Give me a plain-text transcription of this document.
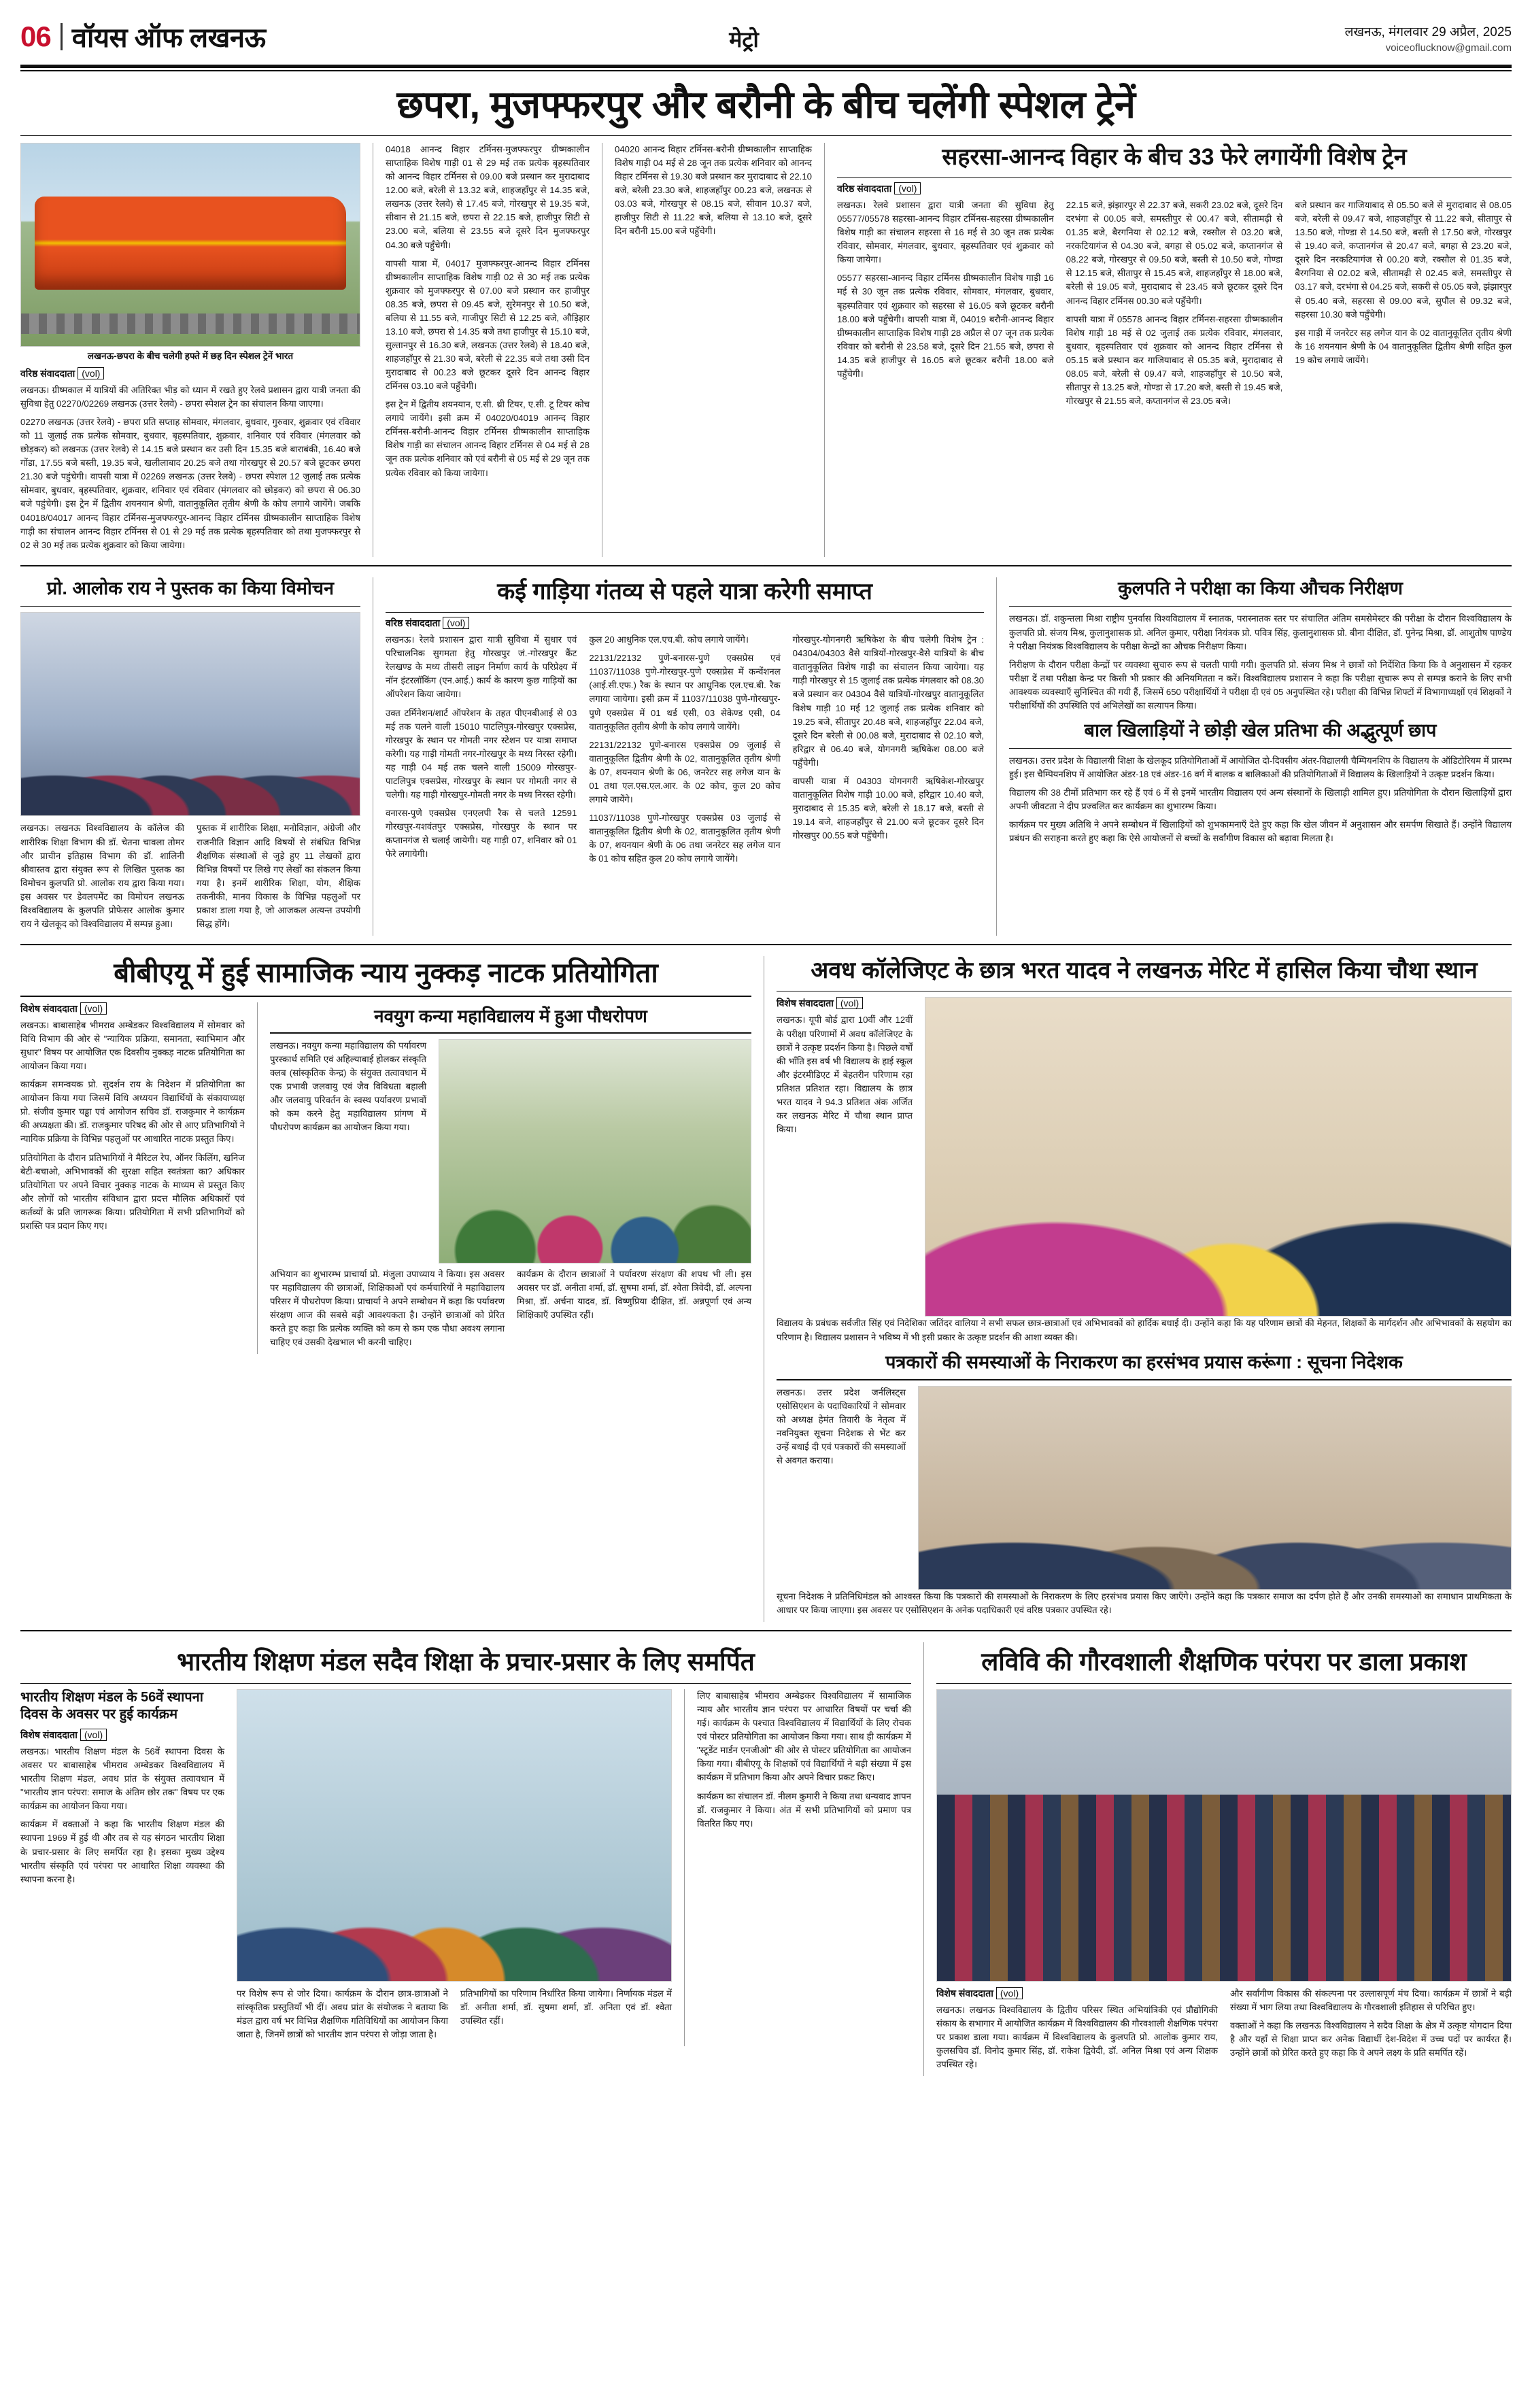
06 वॉयस ऑफ लखनऊ	मेट्रो	लखनऊ, मंगलवार 29 अप्रैल, 2025
voiceoflucknow@gmail.com
छपरा, मुजफ्फरपुर और बरौनी के बीच चलेंगी स्पेशल ट्रेनें
लखनऊ-छपरा के बीच चलेगी हफ्ते में छह दिन स्पेशल ट्रेनें भारत
वरिष्ठ संवाददाता (vol)

लखनऊ। ग्रीष्मकाल में यात्रियों की अतिरिक्त भीड़ को ध्यान में रखते हुए रेलवे प्रशासन द्वारा यात्री जनता की सुविधा हेतु 02270/02269 लखनऊ (उत्तर रेलवे) - छपरा स्पेशल ट्रेन का संचालन किया जाएगा।

02270 लखनऊ (उत्तर रेलवे) - छपरा प्रति सप्ताह सोमवार, मंगलवार, बुधवार, गुरुवार, शुक्रवार एवं रविवार को 11 जुलाई तक प्रत्येक सोमवार, बुधवार, बृहस्पतिवार, शुक्रवार, शनिवार एवं रविवार (मंगलवार को छोड़कर) को लखनऊ (उत्तर रेलवे) से 14.15 बजे प्रस्थान कर उसी दिन 15.35 बजे बाराबंकी, 16.40 बजे गोंडा, 17.55 बजे बस्ती, 19.35 बजे, खलीलाबाद 20.25 बजे तथा गोरखपुर से 20.57 बजे छूटकर छपरा 21.30 बजे पहुंचेगी। वापसी यात्रा में 02269 लखनऊ (उत्तर रेलवे) - छपरा स्पेशल 12 जुलाई तक प्रत्येक सोमवार, बुधवार, बृहस्पतिवार, शुक्रवार, शनिवार एवं रविवार (मंगलवार को छोड़कर) को छपरा से 06.30 बजे पहुंचेगी। इस ट्रेन में द्वितीय शयनयान श्रेणी, वातानुकूलित तृतीय श्रेणी के कोच लगाये जायेंगे। जबकि 04018/04017 आनन्द विहार टर्मिनस-मुजफ्फरपुर-आनन्द विहार टर्मिनस ग्रीष्मकालीन साप्ताहिक विशेष गाड़ी का संचालन आनन्द विहार टर्मिनस से 01 से 29 मई तक प्रत्येक बृहस्पतिवार को तथा मुजफ्फरपुर से 02 से 30 मई तक प्रत्येक शुक्रवार को किया जायेगा।

04018 आनन्द विहार टर्मिनस-मुजफ्फरपुर ग्रीष्मकालीन साप्ताहिक विशेष गाड़ी 01 से 29 मई तक प्रत्येक बृहस्पतिवार को आनन्द विहार टर्मिनस से 09.00 बजे प्रस्थान कर मुरादाबाद 12.00 बजे, बरेली से 13.32 बजे, शाहजहाँपुर से 14.35 बजे, लखनऊ (उत्तर रेलवे) से 17.45 बजे, गोरखपुर से 19.35 बजे, सीवान से 21.15 बजे, छपरा से 22.15 बजे, हाजीपुर सिटी से 23.00 बजे, बलिया से 23.55 बजे दूसरे दिन मुजफ्फरपुर 04.30 बजे पहुँचेगी।

वापसी यात्रा में, 04017 मुजफ्फरपुर-आनन्द विहार टर्मिनस ग्रीष्मकालीन साप्ताहिक विशेष गाड़ी 02 से 30 मई तक प्रत्येक शुक्रवार को मुजफ्फरपुर से 07.00 बजे प्रस्थान कर हाजीपुर 08.35 बजे, छपरा से 09.45 बजे, सुरेमनपुर से 10.50 बजे, बलिया से 11.55 बजे, गाजीपुर सिटी से 12.25 बजे, औड़िहार 13.10 बजे, छपरा से 14.35 बजे तथा हाजीपुर से 15.10 बजे, सुल्तानपुर से 16.30 बजे, लखनऊ (उत्तर रेलवे) से 18.40 बजे, शाहजहाँपुर से 21.30 बजे, बरेली से 22.35 बजे तथा उसी दिन मुरादाबाद से 00.23 बजे छूटकर दूसरे दिन आनन्द विहार टर्मिनस 03.10 बजे पहुँचेगी।

इस ट्रेन में द्वितीय शयनयान, ए.सी. थ्री टियर, ए.सी. टू टियर कोच लगाये जायेंगे। इसी क्रम में 04020/04019 आनन्द विहार टर्मिनस-बरौनी-आनन्द विहार टर्मिनस ग्रीष्मकालीन साप्ताहिक विशेष गाड़ी का संचालन आनन्द विहार टर्मिनस से 04 मई से 28 जून तक प्रत्येक शनिवार को एवं बरौनी से 05 मई से 29 जून तक प्रत्येक रविवार को किया जायेगा।

04020 आनन्द विहार टर्मिनस-बरौनी ग्रीष्मकालीन साप्ताहिक विशेष गाड़ी 04 मई से 28 जून तक प्रत्येक शनिवार को आनन्द विहार टर्मिनस से 19.30 बजे प्रस्थान कर मुरादाबाद से 22.10 बजे, बरेली 23.30 बजे, शाहजहाँपुर 00.23 बजे, लखनऊ से 03.03 बजे, गोरखपुर से 08.15 बजे, सीवान 10.37 बजे, हाजीपुर सिटी से 11.22 बजे, बलिया से 13.10 बजे, दूसरे दिन बरौनी 15.00 बजे पहुँचेगी।

सहरसा-आनन्द विहार के बीच 33 फेरे लगायेंगी विशेष ट्रेन
वरिष्ठ संवाददाता (vol)

लखनऊ। रेलवे प्रशासन द्वारा यात्री जनता की सुविधा हेतु 05577/05578 सहरसा-आनन्द विहार टर्मिनस-सहरसा ग्रीष्मकालीन विशेष गाड़ी का संचालन सहरसा से 16 मई से 30 जून तक प्रत्येक रविवार, सोमवार, मंगलवार, बुधवार, बृहस्पतिवार एवं शुक्रवार को किया जायेगा।

05577 सहरसा-आनन्द विहार टर्मिनस ग्रीष्मकालीन विशेष गाड़ी 16 मई से 30 जून तक प्रत्येक रविवार, सोमवार, मंगलवार, बुधवार, बृहस्पतिवार एवं शुक्रवार को सहरसा से 16.05 बजे छूटकर बरौनी 18.00 बजे पहुँचेगी। वापसी यात्रा में, 04019 बरौनी-आनन्द विहार ग्रीष्मकालीन साप्ताहिक विशेष गाड़ी 28 अप्रैल से 07 जून तक प्रत्येक रविवार को बरौनी से 23.58 बजे, दूसरे दिन 21.55 बजे, छपरा से 14.35 बजे हाजीपुर से 16.05 बजे छूटकर बरौनी 18.00 बजे पहुँचेगी।

22.15 बजे, झंझारपुर से 22.37 बजे, सकरी 23.02 बजे, दूसरे दिन दरभंगा से 00.05 बजे, समस्तीपुर से 00.47 बजे, सीतामढ़ी से 01.35 बजे, बैरगनिया से 02.12 बजे, रक्सौल से 03.20 बजे, नरकटियागंज से 04.30 बजे, बगहा से 05.02 बजे, कप्तानगंज से 08.22 बजे, गोरखपुर से 09.50 बजे, बस्ती से 10.50 बजे, गोण्डा से 12.15 बजे, सीतापुर से 15.45 बजे, शाहजहाँपुर से 18.00 बजे, बरेली से 19.05 बजे, मुरादाबाद से 23.45 बजे छूटकर दूसरे दिन आनन्द विहार टर्मिनस 00.30 बजे पहुँचेगी।

वापसी यात्रा में 05578 आनन्द विहार टर्मिनस-सहरसा ग्रीष्मकालीन विशेष गाड़ी 18 मई से 02 जुलाई तक प्रत्येक रविवार, मंगलवार, बुधवार, बृहस्पतिवार एवं शुक्रवार को आनन्द विहार टर्मिनस से 05.15 बजे प्रस्थान कर गाजियाबाद से 05.35 बजे, मुरादाबाद से 08.05 बजे, बरेली से 09.47 बजे, शाहजहाँपुर से 10.50 बजे, सीतापुर से 13.25 बजे, गोण्डा से 17.20 बजे, बस्ती से 19.45 बजे, गोरखपुर से 21.55 बजे, कप्तानगंज से 23.05 बजे।

बजे प्रस्थान कर गाजियाबाद से 05.50 बजे से मुरादाबाद से 08.05 बजे, बरेली से 09.47 बजे, शाहजहाँपुर से 11.22 बजे, सीतापुर से 13.50 बजे, गोण्डा से 14.50 बजे, बस्ती से 17.50 बजे, गोरखपुर से 19.40 बजे, कप्तानगंज से 20.47 बजे, बगहा से 23.20 बजे, दूसरे दिन नरकटियागंज से 00.20 बजे, रक्सौल से 01.35 बजे, बैरगनिया से 02.02 बजे, सीतामढ़ी से 02.45 बजे, समस्तीपुर से 03.17 बजे, दरभंगा से 04.25 बजे, सकरी से 05.05 बजे, झंझारपुर से 05.40 बजे, सहरसा से 09.00 बजे, सुपौल से 09.32 बजे, सहरसा 10.30 बजे पहुँचेगी।

इस गाड़ी में जनरेटर सह लगेज यान के 02 वातानुकूलित तृतीय श्रेणी के 16 शयनयान श्रेणी के 04 वातानुकूलित द्वितीय श्रेणी सहित कुल 19 कोच लगाये जायेंगे।

प्रो. आलोक राय ने पुस्तक का किया विमोचन

लखनऊ। लखनऊ विश्वविद्यालय के कॉलेज की शारीरिक शिक्षा विभाग की डॉ. चेतना चावला तोमर और प्राचीन इतिहास विभाग की डॉ. शालिनी श्रीवास्तव द्वारा संयुक्त रूप से लिखित पुस्तक का विमोचन कुलपति प्रो. आलोक राय द्वारा किया गया। इस अवसर पर डेवलपमेंट का विमोचन लखनऊ विश्वविद्यालय के कुलपति प्रोफेसर आलोक कुमार राय ने खेलकूद को विश्वविद्यालय में सम्पन्न हुआ।

पुस्तक में शारीरिक शिक्षा, मनोविज्ञान, अंग्रेजी और राजनीति विज्ञान आदि विषयों से संबंधित विभिन्न शैक्षणिक संस्थाओं से जुड़े हुए 11 लेखकों द्वारा विभिन्न विषयों पर लिखे गए लेखों का संकलन किया गया है। इनमें शारीरिक शिक्षा, योग, शैक्षिक तकनीकी, मानव विकास के विभिन्न पहलुओं पर प्रकाश डाला गया है, जो आजकल अत्यन्त उपयोगी सिद्ध होंगे।

कई गाड़िया गंतव्य से पहले यात्रा करेगी समाप्त
वरिष्ठ संवाददाता (vol)

लखनऊ। रेलवे प्रशासन द्वारा यात्री सुविधा में सुधार एवं परिचालनिक सुगमता हेतु गोरखपुर जं.-गोरखपुर कैंट रेलखण्ड के मध्य तीसरी लाइन निर्माण कार्य के परिप्रेक्ष्य में नॉन इंटरलॉकिंग (एन.आई.) कार्य के कारण कुछ गाड़ियों का ऑपरेशन किया जायेगा।

उक्त टर्मिनेशन/शार्ट ऑपरेशन के तहत पीएनबीआई से 03 मई तक चलने वाली 15010 पाटलिपुत्र-गोरखपुर एक्सप्रेस, गोरखपुर के स्थान पर गोमती नगर स्टेशन पर यात्रा समाप्त करेगी। यह गाड़ी गोमती नगर-गोरखपुर के मध्य निरस्त रहेगी। यह गाड़ी 04 मई तक चलने वाली 15009 गोरखपुर-पाटलिपुत्र एक्सप्रेस, गोरखपुर के स्थान पर गोमती नगर से चलेगी। यह गाड़ी गोरखपुर-गोमती नगर के मध्य निरस्त रहेगी।

वनारस-पुणे एक्सप्रेस एनएलपी रैक से चलते 12591 गोरखपुर-यशवंतपुर एक्सप्रेस, गोरखपुर के स्थान पर कप्तानगंज से चलाई जायेगी। यह गाड़ी 07, शनिवार को 01 फेरे लगायेगी।

कुल 20 आधुनिक एल.एच.बी. कोच लगाये जायेंगे।

22131/22132 पुणे-बनारस-पुणे एक्सप्रेस एवं 11037/11038 पुणे-गोरखपुर-पुणे एक्सप्रेस में कन्वेंशनल (आई.सी.एफ.) रैक के स्थान पर आधुनिक एल.एच.बी. रैक लगाया जायेगा। इसी क्रम में 11037/11038 पुणे-गोरखपुर-पुणे एक्सप्रेस में 01 थर्ड एसी, 03 सेकेण्ड एसी, 04 वातानुकूलित तृतीय श्रेणी के कोच लगाये जायेंगे।

22131/22132 पुणे-बनारस एक्सप्रेस 09 जुलाई से वातानुकूलित द्वितीय श्रेणी के 02, वातानुकूलित तृतीय श्रेणी के 07, शयनयान श्रेणी के 06, जनरेटर सह लगेज यान के 01 तथा एल.एस.एल.आर. के 02 कोच, कुल 20 कोच लगाये जायेंगे।

11037/11038 पुणे-गोरखपुर एक्सप्रेस 03 जुलाई से वातानुकूलित द्वितीय श्रेणी के 02, वातानुकूलित तृतीय श्रेणी के 07, शयनयान श्रेणी के 06 तथा जनरेटर सह लगेज यान के 01 कोच सहित कुल 20 कोच लगाये जायेंगे।

गोरखपुर-योगनगरी ऋषिकेश के बीच चलेगी विशेष ट्रेन : 04304/04303 वैसे यात्रियों-गोरखपुर-वैसे यात्रियों के बीच वातानुकूलित विशेष गाड़ी का संचालन किया जायेगा। यह गाड़ी गोरखपुर से 15 जुलाई तक प्रत्येक मंगलवार को 08.30 बजे प्रस्थान कर 04304 वैसे यात्रियों-गोरखपुर वातानुकूलित विशेष गाड़ी 10 मई 12 जुलाई तक प्रत्येक शनिवार को 19.25 बजे, सीतापुर 20.48 बजे, शाहजहाँपुर 22.04 बजे, दूसरे दिन बरेली से 00.08 बजे, मुरादाबाद से 02.10 बजे, हरिद्वार से 06.40 बजे, योगनगरी ऋषिकेश 08.00 बजे पहुँचेगी।

वापसी यात्रा में 04303 योगनगरी ऋषिकेश-गोरखपुर वातानुकूलित विशेष गाड़ी 10.00 बजे, हरिद्वार 10.40 बजे, मुरादाबाद से 15.35 बजे, बरेली से 18.17 बजे, बस्ती से 19.14 बजे, शाहजहाँपुर से 21.00 बजे छूटकर दूसरे दिन गोरखपुर 00.55 बजे पहुँचेगी।

कुलपति ने परीक्षा का किया औचक निरीक्षण

लखनऊ। डॉ. शकुन्तला मिश्रा राष्ट्रीय पुनर्वास विश्वविद्यालय में स्नातक, परास्नातक स्तर पर संचालित अंतिम समसेमेस्टर की परीक्षा के दौरान विश्वविद्यालय के कुलपति प्रो. संजय मिश्र, कुलानुशासक प्रो. अनिल कुमार, परीक्षा नियंत्रक प्रो. पवित्र सिंह, कुलानुशासक प्रो. बीना दीक्षित, डॉ. पुनेन्द्र मिश्रा, डॉ. आशुतोष पाण्डेय ने परीक्षा नियंत्रक विश्वविद्यालय के परीक्षा केन्द्रों का औचक निरीक्षण किया।

निरीक्षण के दौरान परीक्षा केन्द्रों पर व्यवस्था सुचारु रूप से चलती पायी गयी। कुलपति प्रो. संजय मिश्र ने छात्रों को निर्देशित किया कि वे अनुशासन में रहकर परीक्षा दें तथा परीक्षा केन्द्र पर किसी भी प्रकार की अनियमितता न करें। विश्वविद्यालय प्रशासन ने कहा कि परीक्षा सुचारू रूप से सम्पन्न कराने के लिए सभी आवश्यक व्यवस्थाएँ सुनिश्चित की गयी हैं, जिसमें 650 परीक्षार्थियों ने परीक्षा दी एवं 05 अनुपस्थित रहे। परीक्षा की विभिन्न शिफ्टों में विभागाध्यक्षों एवं शिक्षकों ने परीक्षार्थियों की उपस्थिति एवं अभिलेखों का सत्यापन किया।

बाल खिलाड़ियों ने छोड़ी खेल प्रतिभा की अद्भुत्पूर्ण छाप

लखनऊ। उत्तर प्रदेश के विद्यालयी शिक्षा के खेलकूद प्रतियोगिताओं में आयोजित दो-दिवसीय अंतर-विद्यालयी चैम्पियनशिप के विद्यालय के ऑडिटोरियम में प्रारम्भ हुई। इस चैम्पियनशिप में आयोजित अंडर-18 एवं अंडर-16 वर्ग में बालक व बालिकाओं की प्रतियोगिताओं में विद्यालय के खिलाड़ियों ने उत्कृष्ट प्रदर्शन किया।

विद्यालय की 38 टीमों प्रतिभाग कर रहे हैं एवं 6 में से इनमें भारतीय विद्यालय एवं अन्य संस्थानों के खिलाड़ी शामिल हुए। प्रतियोगिता के दौरान खिलाड़ियों द्वारा अपनी जीवटता ने दीप प्रज्वलित कर कार्यक्रम का शुभारम्भ किया।

कार्यक्रम पर मुख्य अतिथि ने अपने सम्बोधन में खिलाड़ियों को शुभकामनाएँ देते हुए कहा कि खेल जीवन में अनुशासन और समर्पण सिखाते हैं। उन्होंने विद्यालय प्रबंधन की सराहना करते हुए कहा कि ऐसे आयोजनों से बच्चों के सर्वांगीण विकास को बढ़ावा मिलता है।

बीबीएयू में हुई सामाजिक न्याय नुक्कड़ नाटक प्रतियोगिता
विशेष संवाददाता (vol)

लखनऊ। बाबासाहेब भीमराव अम्बेडकर विश्वविद्यालय में सोमवार को विधि विभाग की ओर से "न्यायिक प्रक्रिया, समानता, स्वाभिमान और सुधार" विषय पर आयोजित एक दिवसीय नुक्कड़ नाटक प्रतियोगिता का आयोजन किया गया।

कार्यक्रम समन्वयक प्रो. सुदर्शन राय के निदेशन में प्रतियोगिता का आयोजन किया गया जिसमें विधि अध्ययन विद्यार्थियों के संकायाध्यक्ष प्रो. संजीव कुमार चड्ढा एवं आयोजन सचिव डॉ. राजकुमार ने कार्यक्रम की अध्यक्षता की। डॉ. राजकुमार परिषद की ओर से आए प्रतिभागियों ने न्यायिक प्रक्रिया के विभिन्न पहलुओं पर आधारित नाटक प्रस्तुत किए।

प्रतियोगिता के दौरान प्रतिभागियों ने मैरिटल रेप, ऑनर किलिंग, खनिज बेटी-बचाओ, अभिभावकों की सुरक्षा सहित स्वतंत्रता का? अधिकार प्रतियोगिता पर अपने विचार नुक्कड़ नाटक के माध्यम से प्रस्तुत किए और लोगों को भारतीय संविधान द्वारा प्रदत्त मौलिक अधिकारों एवं कर्तव्यों के प्रति जागरूक किया। प्रतियोगिता में सभी प्रतिभागियों को प्रशस्ति पत्र प्रदान किए गए।

नवयुग कन्या महाविद्यालय में हुआ पौधरोपण

लखनऊ। नवयुग कन्या महाविद्यालय की पर्यावरण पुरस्कार्थ समिति एवं अहिल्याबाई होलकर संस्कृति क्लब (सांस्कृतिक केन्द्र) के संयुक्त तत्वावधान में एक प्रभावी जलवायु एवं जैव विविधता बहाली और जलवायु परिवर्तन के स्वस्थ पर्यावरण प्रभावों को कम करने हेतु महाविद्यालय प्रांगण में पौधरोपण कार्यक्रम का आयोजन किया गया।

अभियान का शुभारम्भ प्राचार्या प्रो. मंजुला उपाध्याय ने किया। इस अवसर पर महाविद्यालय की छात्राओं, शिक्षिकाओं एवं कर्मचारियों ने महाविद्यालय परिसर में पौधरोपण किया। प्राचार्या ने अपने सम्बोधन में कहा कि पर्यावरण संरक्षण आज की सबसे बड़ी आवश्यकता है। उन्होंने छात्राओं को प्रेरित करते हुए कहा कि प्रत्येक व्यक्ति को कम से कम एक पौधा अवश्य लगाना चाहिए एवं उसकी देखभाल भी करनी चाहिए।

कार्यक्रम के दौरान छात्राओं ने पर्यावरण संरक्षण की शपथ भी ली। इस अवसर पर डॉ. अनीता शर्मा, डॉ. सुषमा शर्मा, डॉ. श्वेता त्रिवेदी, डॉ. अल्पना मिश्रा, डॉ. अर्चना यादव, डॉ. विष्णुप्रिया दीक्षित, डॉ. अन्नपूर्णा एवं अन्य शिक्षिकाएँ उपस्थित रहीं।

अवध कॉलेजिएट के छात्र भरत यादव ने लखनऊ मेरिट में हासिल किया चौथा स्थान
विशेष संवाददाता (vol)

लखनऊ। यूपी बोर्ड द्वारा 10वीं और 12वीं के परीक्षा परिणामों में अवध कॉलेजिएट के छात्रों ने उत्कृष्ट प्रदर्शन किया है। पिछले वर्षों की भाँति इस वर्ष भी विद्यालय के हाई स्कूल और इंटरमीडिएट में बेहतरीन परिणाम रहा प्रतिशत प्रतिशत रहा। विद्यालय के छात्र भरत यादव ने 94.3 प्रतिशत अंक अर्जित कर लखनऊ मेरिट में चौथा स्थान प्राप्त किया।

विद्यालय के प्रबंधक सर्वजीत सिंह एवं निदेशिका जतिंदर वालिया ने सभी सफल छात्र-छात्राओं एवं अभिभावकों को हार्दिक बधाई दी। उन्होंने कहा कि यह परिणाम छात्रों की मेहनत, शिक्षकों के मार्गदर्शन और अभिभावकों के सहयोग का परिणाम है। विद्यालय प्रशासन ने भविष्य में भी इसी प्रकार के उत्कृष्ट प्रदर्शन की आशा व्यक्त की।

पत्रकारों की समस्याओं के निराकरण का हरसंभव प्रयास करूंगा : सूचना निदेशक

लखनऊ। उत्तर प्रदेश जर्नलिस्ट्स एसोसिएशन के पदाधिकारियों ने सोमवार को अध्यक्ष हेमंत तिवारी के नेतृत्व में नवनियुक्त सूचना निदेशक से भेंट कर उन्हें बधाई दी एवं पत्रकारों की समस्याओं से अवगत कराया।

सूचना निदेशक ने प्रतिनिधिमंडल को आश्वस्त किया कि पत्रकारों की समस्याओं के निराकरण के लिए हरसंभव प्रयास किए जाएँगे। उन्होंने कहा कि पत्रकार समाज का दर्पण होते हैं और उनकी समस्याओं का समाधान प्राथमिकता के आधार पर किया जाएगा। इस अवसर पर एसोसिएशन के अनेक पदाधिकारी एवं वरिष्ठ पत्रकार उपस्थित रहे।

भारतीय शिक्षण मंडल सदैव शिक्षा के प्रचार-प्रसार के लिए समर्पित
भारतीय शिक्षण मंडल के 56वें स्थापना दिवस के अवसर पर हुई कार्यक्रम
विशेष संवाददाता (vol)

लखनऊ। भारतीय शिक्षण मंडल के 56वें स्थापना दिवस के अवसर पर बाबासाहेब भीमराव अम्बेडकर विश्वविद्यालय में भारतीय शिक्षण मंडल, अवध प्रांत के संयुक्त तत्वावधान में "भारतीय ज्ञान परंपरा: समाज के अंतिम छोर तक" विषय पर एक कार्यक्रम का आयोजन किया गया।

कार्यक्रम में वक्ताओं ने कहा कि भारतीय शिक्षण मंडल की स्थापना 1969 में हुई थी और तब से यह संगठन भारतीय शिक्षा के प्रचार-प्रसार के लिए समर्पित रहा है। इसका मुख्य उद्देश्य भारतीय संस्कृति एवं परंपरा पर आधारित शिक्षा व्यवस्था की स्थापना करना है।

पर विशेष रूप से जोर दिया। कार्यक्रम के दौरान छात्र-छात्राओं ने सांस्कृतिक प्रस्तुतियाँ भी दीं। अवध प्रांत के संयोजक ने बताया कि मंडल द्वारा वर्ष भर विभिन्न शैक्षणिक गतिविधियों का आयोजन किया जाता है, जिनमें छात्रों को भारतीय ज्ञान परंपरा से जोड़ा जाता है।

प्रतिभागियों का परिणाम निर्धारित किया जायेगा। निर्णायक मंडल में डॉ. अनीता शर्मा, डॉ. सुषमा शर्मा, डॉ. अनिता एवं डॉ. श्वेता उपस्थित रहीं।

लिए बाबासाहेब भीमराव अम्बेडकर विश्वविद्यालय में सामाजिक न्याय और भारतीय ज्ञान परंपरा पर आधारित विषयों पर चर्चा की गई। कार्यक्रम के पश्चात विश्वविद्यालय में विद्यार्थियों के लिए रोचक एवं पोस्टर प्रतियोगिता का आयोजन किया गया। साथ ही कार्यक्रम में "स्टूडेंट मार्डन एनजीओ" की ओर से पोस्टर प्रतियोगिता का आयोजन किया गया। बीबीएयू के शिक्षकों एवं विद्यार्थियों ने बड़ी संख्या में इस कार्यक्रम में प्रतिभाग किया और अपने विचार प्रकट किए।

कार्यक्रम का संचालन डॉ. नीलम कुमारी ने किया तथा धन्यवाद ज्ञापन डॉ. राजकुमार ने किया। अंत में सभी प्रतिभागियों को प्रमाण पत्र वितरित किए गए।

लविवि की गौरवशाली शैक्षणिक परंपरा पर डाला प्रकाश
विशेष संवाददाता (vol)

लखनऊ। लखनऊ विश्वविद्यालय के द्वितीय परिसर स्थित अभियांत्रिकी एवं प्रौद्योगिकी संकाय के सभागार में आयोजित कार्यक्रम में विश्वविद्यालय की गौरवशाली शैक्षणिक परंपरा पर प्रकाश डाला गया। कार्यक्रम में विश्वविद्यालय के कुलपति प्रो. आलोक कुमार राय, कुलसचिव डॉ. विनोद कुमार सिंह, डॉ. राकेश द्विवेदी, डॉ. अनिल मिश्रा एवं अन्य शिक्षक उपस्थित रहे।

और सर्वांगीण विकास की संकल्पना पर उल्लासपूर्ण मंच दिया। कार्यक्रम में छात्रों ने बड़ी संख्या में भाग लिया तथा विश्वविद्यालय के गौरवशाली इतिहास से परिचित हुए।

वक्ताओं ने कहा कि लखनऊ विश्वविद्यालय ने सदैव शिक्षा के क्षेत्र में उत्कृष्ट योगदान दिया है और यहाँ से शिक्षा प्राप्त कर अनेक विद्यार्थी देश-विदेश में उच्च पदों पर कार्यरत हैं। उन्होंने छात्रों को प्रेरित करते हुए कहा कि वे अपने लक्ष्य के प्रति समर्पित रहें।
